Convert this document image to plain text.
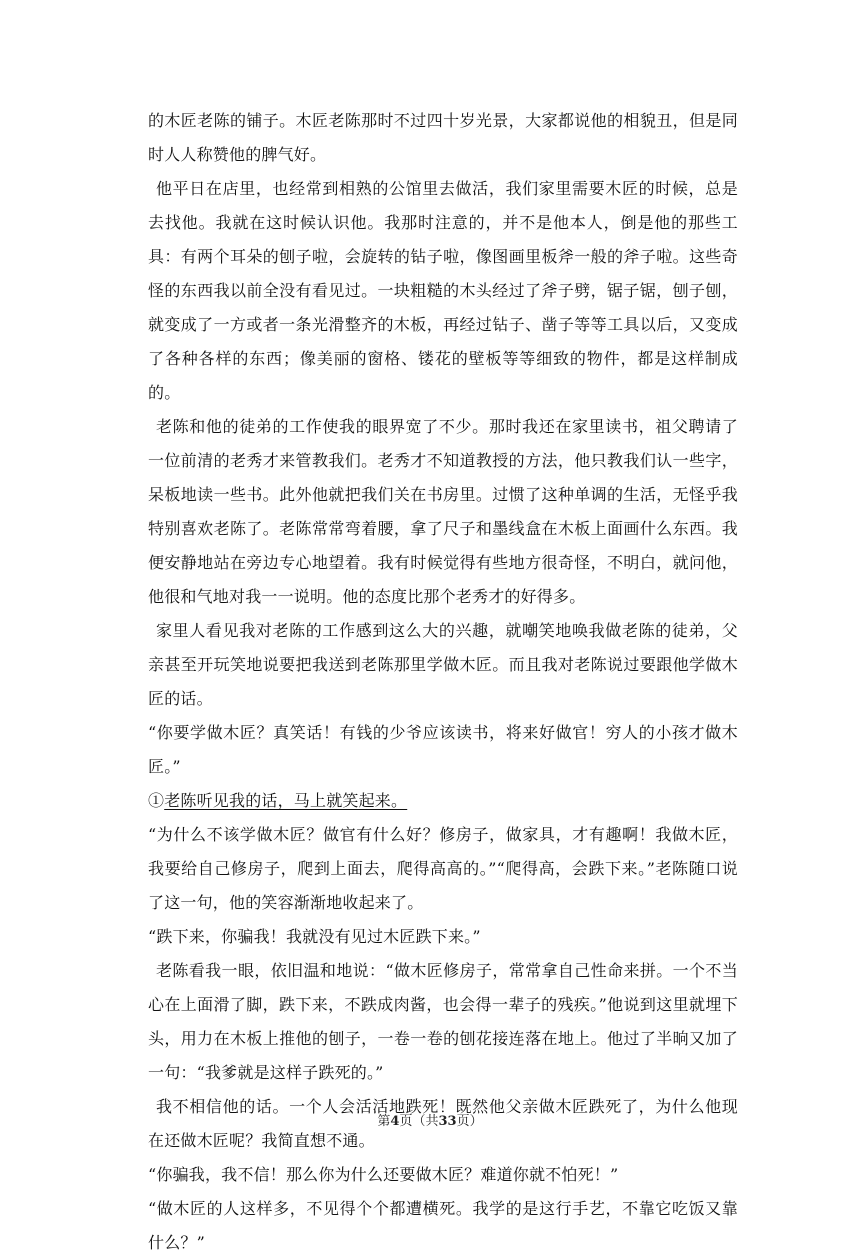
的木匠老陈的铺子。木匠老陈那时不过四十岁光景，大家都说他的相貌丑，但是同时人人称赞他的脾气好。

他平日在店里，也经常到相熟的公馆里去做活，我们家里需要木匠的时候，总是去找他。我就在这时候认识他。我那时注意的，并不是他本人，倒是他的那些工具：有两个耳朵的刨子啦，会旋转的钻子啦，像图画里板斧一般的斧子啦。这些奇怪的东西我以前全没有看见过。一块粗糙的木头经过了斧子劈，锯子锯，刨子刨，就变成了一方或者一条光滑整齐的木板，再经过钻子、凿子等等工具以后，又变成了各种各样的东西；像美丽的窗格、镂花的壁板等等细致的物件，都是这样制成的。

老陈和他的徒弟的工作使我的眼界宽了不少。那时我还在家里读书，祖父聘请了一位前清的老秀才来管教我们。老秀才不知道教授的方法，他只教我们认一些字，呆板地读一些书。此外他就把我们关在书房里。过惯了这种单调的生活，无怪乎我特别喜欢老陈了。老陈常常弯着腰，拿了尺子和墨线盒在木板上面画什么东西。我便安静地站在旁边专心地望着。我有时候觉得有些地方很奇怪，不明白，就问他，他很和气地对我一一说明。他的态度比那个老秀才的好得多。

家里人看见我对老陈的工作感到这么大的兴趣，就嘲笑地唤我做老陈的徒弟，父亲甚至开玩笑地说要把我送到老陈那里学做木匠。而且我对老陈说过要跟他学做木匠的话。

“你要学做木匠？真笑话！有钱的少爷应该读书，将来好做官！穷人的小孩才做木匠。”

①老陈听见我的话，马上就笑起来。

“为什么不该学做木匠？做官有什么好？修房子，做家具，才有趣啊！我做木匠，我要给自己修房子，爬到上面去，爬得高高的。”“爬得高，会跌下来。”老陈随口说了这一句，他的笑容渐渐地收起来了。

“跌下来，你骗我！我就没有见过木匠跌下来。”

老陈看我一眼，依旧温和地说：“做木匠修房子，常常拿自己性命来拼。一个不当心在上面滑了脚，跌下来，不跌成肉酱，也会得一辈子的残疾。”他说到这里就埋下头，用力在木板上推他的刨子，一卷一卷的刨花接连落在地上。他过了半晌又加了一句：“我爹就是这样子跌死的。”

我不相信他的话。一个人会活活地跌死！既然他父亲做木匠跌死了，为什么他现在还做木匠呢？我简直想不通。

“你骗我，我不信！那么你为什么还要做木匠？难道你就不怕死！”

“做木匠的人这样多，不见得个个都遭横死。我学的是这行手艺，不靠它吃饭又靠什么？”

第4页（共33页）
